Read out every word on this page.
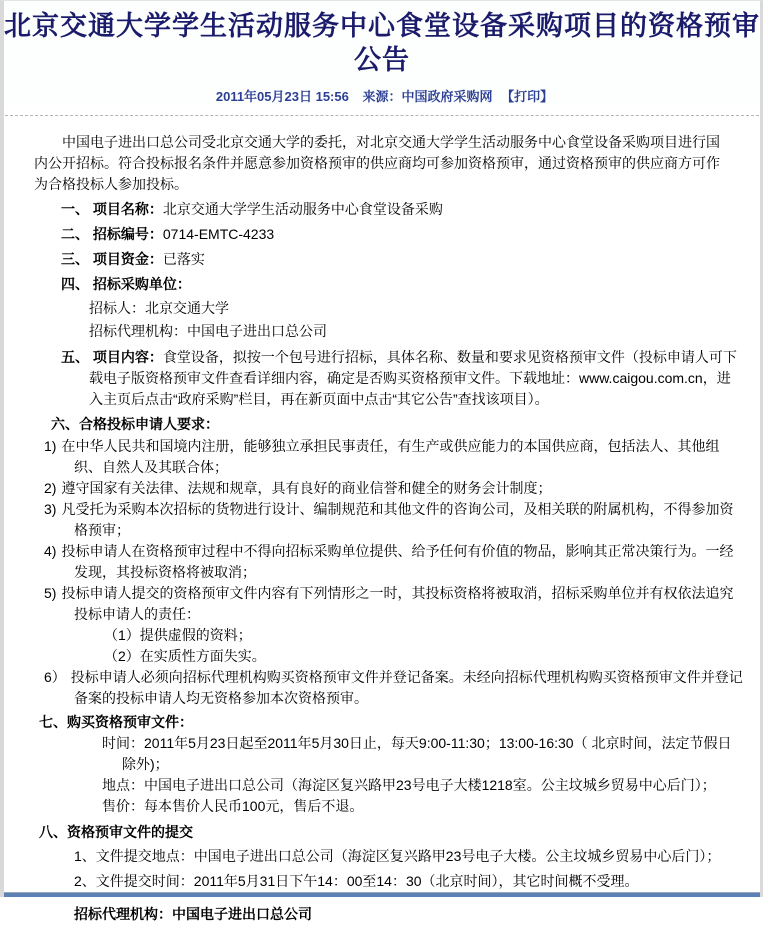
北京交通大学学生活动服务中心食堂设备采购项目的资格预审公告
2011年05月23日 15:56 来源：中国政府采购网 【打印】

中国电子进出口总公司受北京交通大学的委托，对北京交通大学学生活动服务中心食堂设备采购项目进行国内公开招标。符合投标报名条件并愿意参加资格预审的供应商均可参加资格预审，通过资格预审的供应商方可作为合格投标人参加投标。

一、 项目名称：北京交通大学学生活动服务中心食堂设备采购

二、 招标编号：0714-EMTC-4233

三、 项目资金：已落实

四、 招标采购单位：

招标人：北京交通大学

招标代理机构：中国电子进出口总公司

五、 项目内容：食堂设备，拟按一个包号进行招标，具体名称、数量和要求见资格预审文件（投标申请人可下载电子版资格预审文件查看详细内容，确定是否购买资格预审文件。下载地址：www.caigou.com.cn，进入主页后点击“政府采购”栏目，再在新页面中点击“其它公告”查找该项目）。

六、合格投标申请人要求：

1) 在中华人民共和国境内注册，能够独立承担民事责任，有生产或供应能力的本国供应商，包括法人、其他组织、自然人及其联合体；

2) 遵守国家有关法律、法规和规章，具有良好的商业信誉和健全的财务会计制度；

3) 凡受托为采购本次招标的货物进行设计、编制规范和其他文件的咨询公司，及相关联的附属机构，不得参加资格预审；

4) 投标申请人在资格预审过程中不得向招标采购单位提供、给予任何有价值的物品，影响其正常决策行为。一经发现，其投标资格将被取消；

5) 投标申请人提交的资格预审文件内容有下列情形之一时，其投标资格将被取消，招标采购单位并有权依法追究投标申请人的责任：

（1）提供虚假的资料；

（2）在实质性方面失实。

6） 投标申请人必须向招标代理机构购买资格预审文件并登记备案。未经向招标代理机构购买资格预审文件并登记备案的投标申请人均无资格参加本次资格预审。

七、购买资格预审文件：

时间：2011年5月23日起至2011年5月30日止，每天9:00-11:30；13:00-16:30（ 北京时间，法定节假日除外)；

地点：中国电子进出口总公司（海淀区复兴路甲23号电子大楼1218室。公主坟城乡贸易中心后门）；

售价：每本售价人民币100元，售后不退。

八、资格预审文件的提交

1、文件提交地点：中国电子进出口总公司（海淀区复兴路甲23号电子大楼。公主坟城乡贸易中心后门）；

2、文件提交时间：2011年5月31日下午14：00至14：30（北京时间），其它时间概不受理。

招标代理机构：中国电子进出口总公司
